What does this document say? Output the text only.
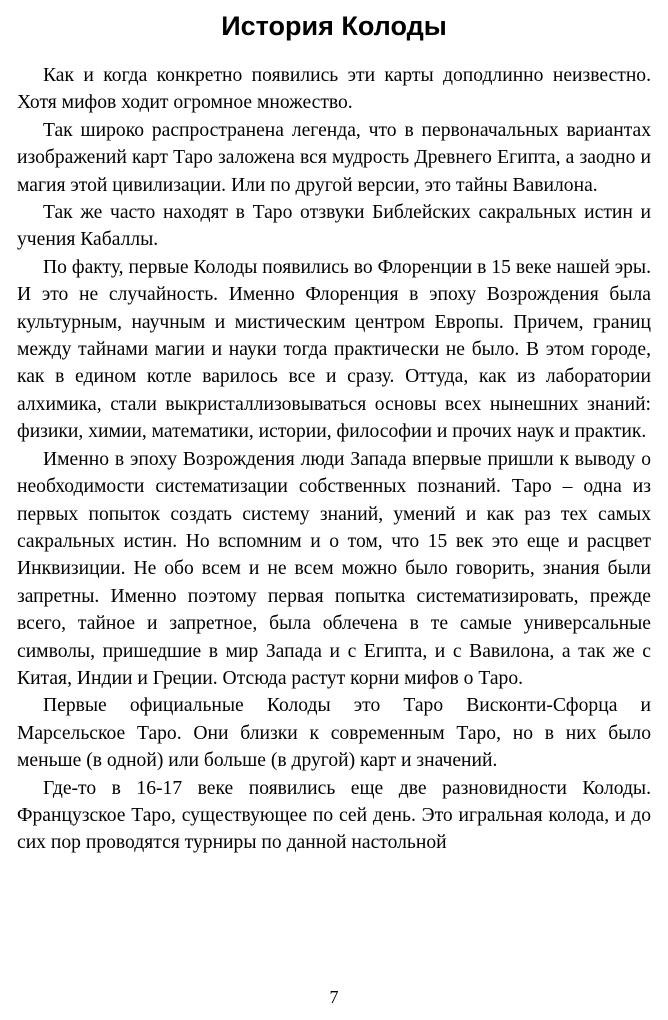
История Колоды

Как и когда конкретно появились эти карты доподлинно неизвестно. Хотя мифов ходит огромное множество.

Так широко распространена легенда, что в первоначальных вариантах изображений карт Таро заложена вся мудрость Древнего Египта, а заодно и магия этой цивилизации. Или по другой версии, это тайны Вавилона.

Так же часто находят в Таро отзвуки Библейских сакральных истин и учения Кабаллы.

По факту, первые Колоды появились во Флоренции в 15 веке нашей эры. И это не случайность. Именно Флоренция в эпоху Возрождения была культурным, научным и мистическим центром Европы. Причем, границ между тайнами магии и науки тогда практически не было. В этом городе, как в едином котле варилось все и сразу. Оттуда, как из лаборатории алхимика, стали выкристаллизовываться основы всех нынешних знаний: физики, химии, математики, истории, философии и прочих наук и практик.

Именно в эпоху Возрождения люди Запада впервые пришли к выводу о необходимости систематизации собственных познаний. Таро – одна из первых попыток создать систему знаний, умений и как раз тех самых сакральных истин. Но вспомним и о том, что 15 век это еще и расцвет Инквизиции. Не обо всем и не всем можно было говорить, знания были запретны. Именно поэтому первая попытка систематизировать, прежде всего, тайное и запретное, была облечена в те самые универсальные символы, пришедшие в мир Запада и с Египта, и с Вавилона, а так же с Китая, Индии и Греции. Отсюда растут корни мифов о Таро.

Первые официальные Колоды это Таро Висконти-Сфорца и Марсельское Таро. Они близки к современным Таро, но в них было меньше (в одной) или больше (в другой) карт и значений.

Где-то в 16-17 веке появились еще две разновидности Колоды. Французское Таро, существующее по сей день. Это игральная колода, и до сих пор проводятся турниры по данной настольной

7
